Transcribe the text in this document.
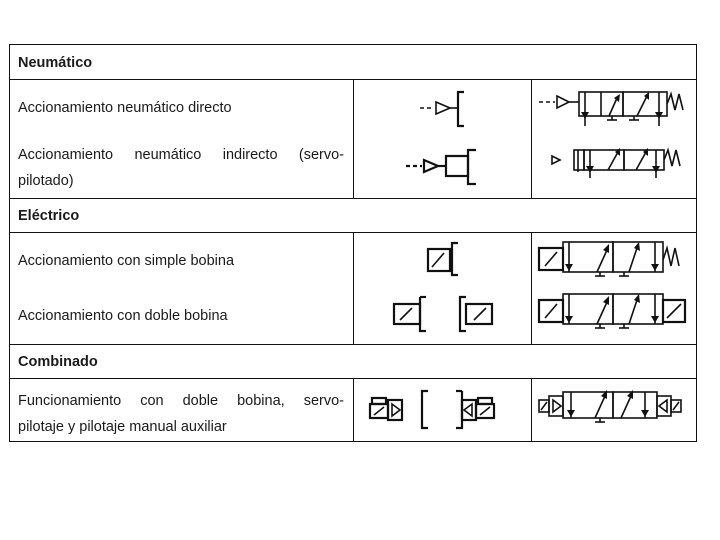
Neumático
Eléctrico
Combinado
Accionamiento neumático directo
Accionamiento neumático indirecto (servo-
pilotado)
Accionamiento con simple bobina
Accionamiento con doble bobina
Funcionamiento con doble bobina, servo-
pilotaje y pilotaje manual auxiliar
